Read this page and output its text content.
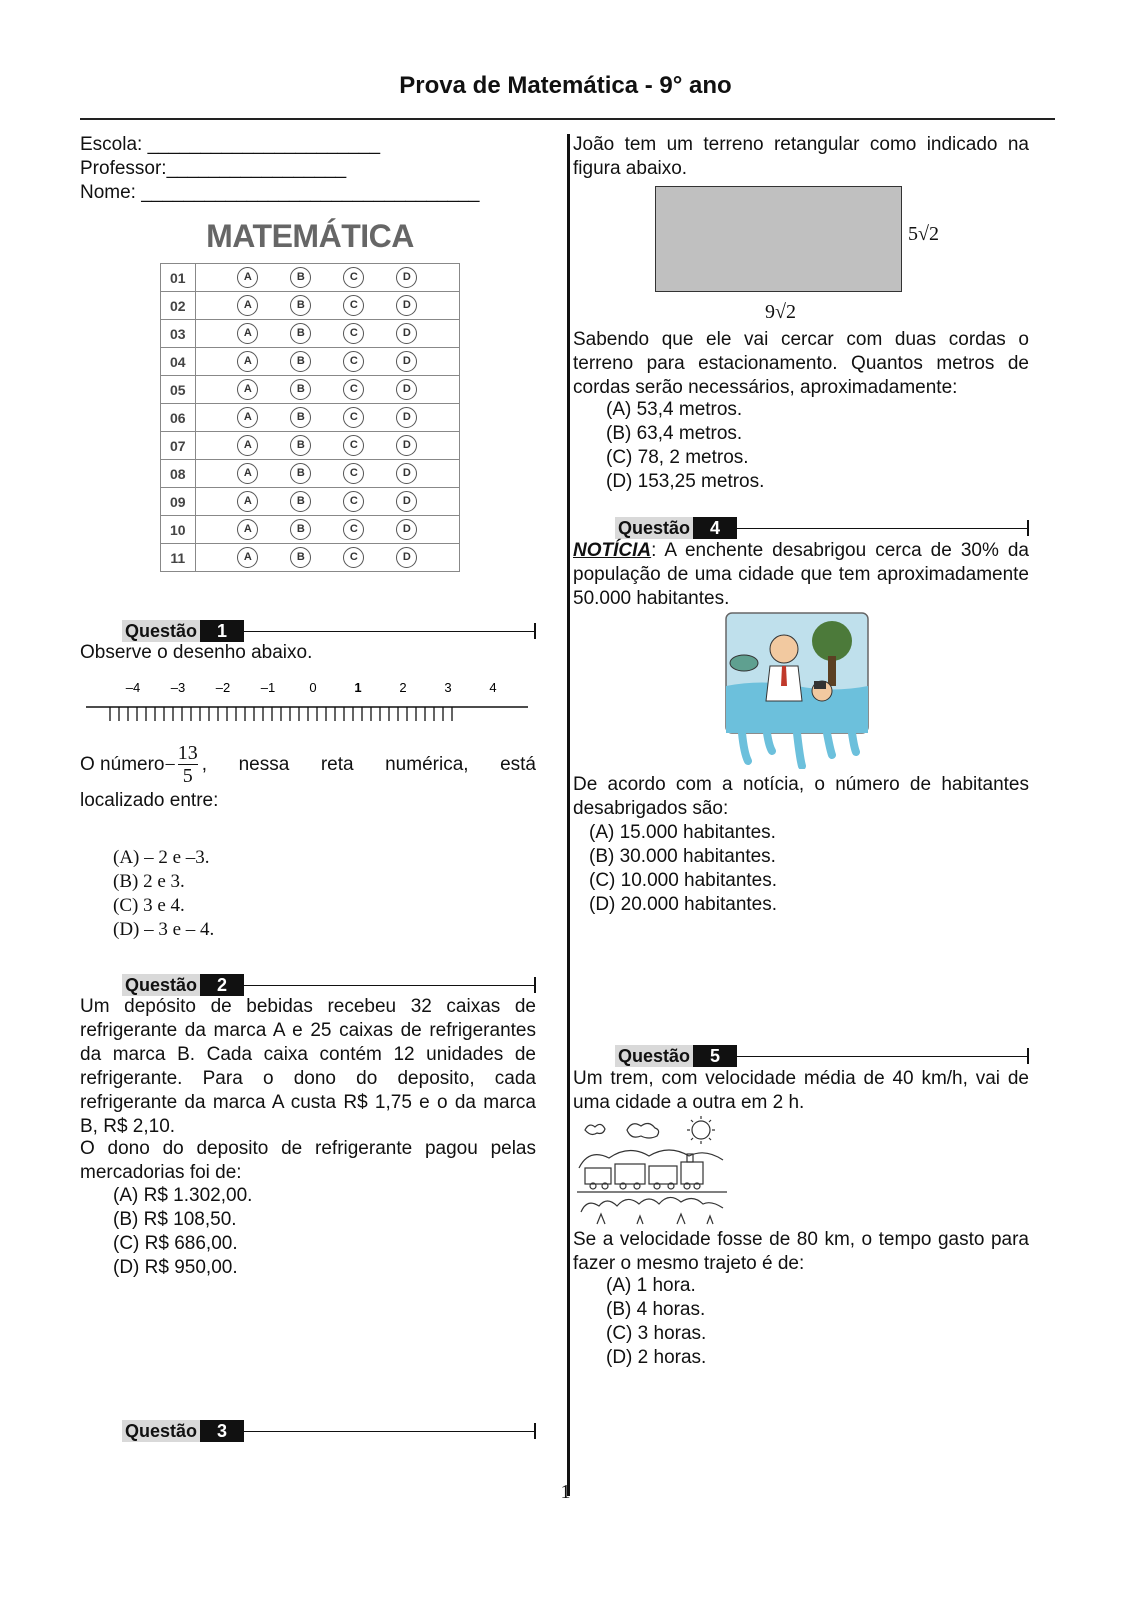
Prova de Matemática - 9° ano
Escola: ______________________
Professor:_________________
Nome: ________________________________
MATEMÁTICA
01	A B C D
02	A B C D
03	A B C D
04	A B C D
05	A B C D
06	A B C D
07	A B C D
08	A B C D
09	A B C D
10	A B C D
11	A B C D
Questão	1
Observe o desenho abaixo.
–4 –3 –2 –1	0	1	2	3	4
O número − $\frac{13}{5}$ , nessa reta numérica, está
localizado entre:
(A) – 2 e –3.
(B) 2 e 3.
(C) 3 e 4.
(D) – 3 e – 4.
Questão	2
Um depósito de bebidas recebeu 32 caixas de refrigerante da marca A e 25 caixas de refrigerantes da marca B. Cada caixa contém 12 unidades de refrigerante. Para o dono do deposito, cada refrigerante da marca A custa R$ 1,75 e o da marca B, R$ 2,10.
O dono do deposito de refrigerante pagou pelas mercadorias foi de:
(A) R$ 1.302,00.
(B) R$ 108,50.
(C) R$ 686,00.
(D) R$ 950,00.
Questão	3
João tem um terreno retangular como indicado na figura abaixo.
5√2
9√2
Sabendo que ele vai cercar com duas cordas o terreno para estacionamento. Quantos metros de cordas serão necessários, aproximadamente:
(A) 53,4 metros.
(B) 63,4 metros.
(C) 78, 2 metros.
(D) 153,25 metros.
Questão	4
NOTÍCIA: A enchente desabrigou cerca de 30% da população de uma cidade que tem aproximadamente 50.000 habitantes.
De acordo com a notícia, o número de habitantes desabrigados são:
(A) 15.000 habitantes.
(B) 30.000 habitantes.
(C) 10.000 habitantes.
(D) 20.000 habitantes.
Questão	5
Um trem, com velocidade média de 40 km/h, vai de uma cidade a outra em 2 h.
Se a velocidade fosse de 80 km, o tempo gasto para fazer o mesmo trajeto é de:
(A) 1 hora.
(B) 4 horas.
(C) 3 horas.
(D) 2 horas.
1
